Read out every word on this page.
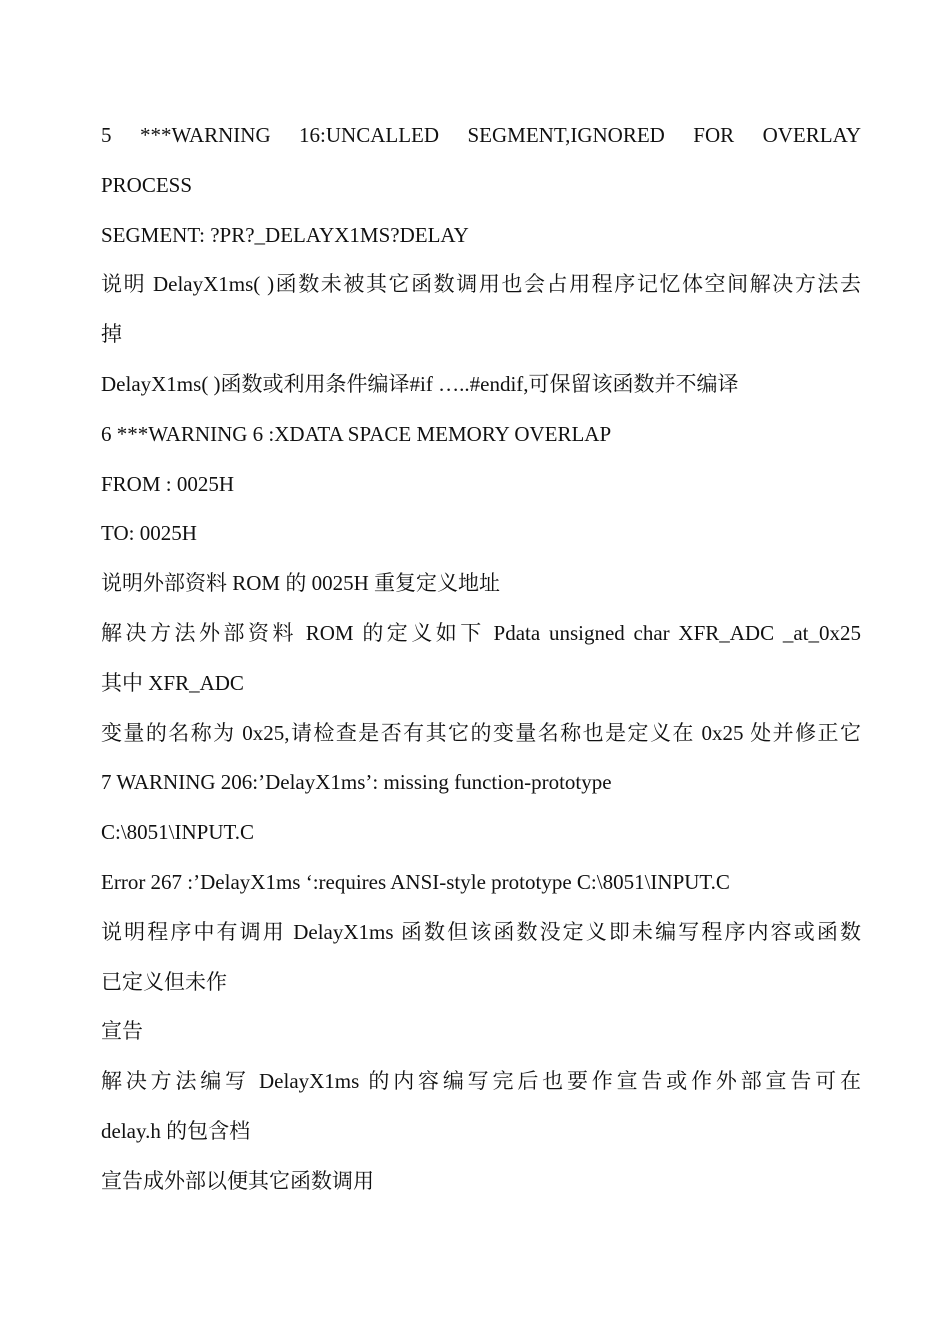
5 ***WARNING 16:UNCALLED SEGMENT,IGNORED FOR OVERLAY
PROCESS
SEGMENT: ?PR?_DELAYX1MS?DELAY
说明 DelayX1ms( )函数未被其它函数调用也会占用程序记忆体空间解决方法去
掉
DelayX1ms( )函数或利用条件编译#if …..#endif,可保留该函数并不编译
6 ***WARNING 6 :XDATA SPACE MEMORY OVERLAP
FROM : 0025H
TO: 0025H
说明外部资料 ROM 的 0025H 重复定义地址
解决方法外部资料 ROM 的定义如下 Pdata unsigned char XFR_ADC _at_0x25
其中 XFR_ADC
变量的名称为 0x25,请检查是否有其它的变量名称也是定义在 0x25 处并修正它
7 WARNING 206:’DelayX1ms’: missing function-prototype
C:\8051\INPUT.C
Error 267 :’DelayX1ms ‘:requires ANSI-style prototype C:\8051\INPUT.C
说明程序中有调用 DelayX1ms 函数但该函数没定义即未编写程序内容或函数
已定义但未作
宣告
解决方法编写 DelayX1ms 的内容编写完后也要作宣告或作外部宣告可在
delay.h 的包含档
宣告成外部以便其它函数调用
